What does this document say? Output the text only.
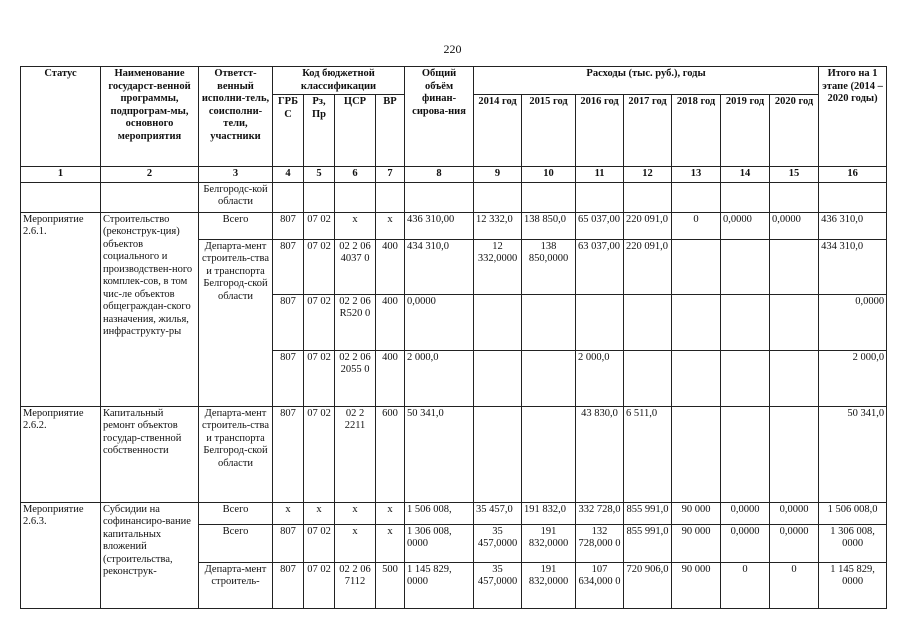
220
Статус	Наименование государст-венной программы, подпрограм-мы, основного мероприятия	Ответст-венный исполни-тель, соисполни-тели, участники	Код бюджетной классификации				Общий объём финан-сирова-ния	Расходы (тыс. руб.), годы							Итого на 1 этапе (2014 – 2020 годы)
			ГРБ С	Рз, Пр	ЦСР	ВР		2014 год	2015 год	2016 год	2017 год	2018 год	2019 год	2020 год	
1	2	3	4	5	6	7	8	9	10	11	12	13	14	15	16
		Белгородс-кой области													
Мероприятие 2.6.1.	Строительство (реконструк-ция) объектов социального и производствен-ного комплек-сов, в том чис-ле объектов общеграждан-ского назначения, жилья, инфраструкту-ры	Всего	807	07 02	х	х	436 310,00	12 332,0	138 850,0	65 037,00	220 091,0	0	0,0000	0,0000	436 310,0
		Департа-мент строитель-ства и транспорта Белгород-ской области	807	07 02	02 2 06 4037 0	400	434 310,0	12 332,0000	138 850,0000	63 037,00	220 091,0				434 310,0
			807	07 02	02 2 06 R520 0	400	0,0000								0,0000
			807	07 02	02 2 06 2055 0	400	2 000,0			2 000,0					2 000,0
Мероприятие 2.6.2.	Капитальный ремонт объектов государ-ственной собственности	Департа-мент строитель-ства и транспорта Белгород-ской области	807	07 02	02 2 2211	600	50 341,0			43 830,0	6 511,0				50 341,0
Мероприятие 2.6.3.	Субсидии на софинансиро-вание капитальных вложений (строительства, реконструк-	Всего	х	х	х	х	1 506 008,	35 457,0	191 832,0	332 728,0	855 991,0	90 000	0,0000	0,0000	1 506 008,0
		Всего	807	07 02	х	х	1 306 008, 0000	35 457,0000	191 832,0000	132 728,000 0	855 991,0	90 000	0,0000	0,0000	1 306 008, 0000
		Департа-мент строитель-	807	07 02	02 2 06 7112	500	1 145 829, 0000	35 457,0000	191 832,0000	107 634,000 0	720 906,0	90 000	0	0	1 145 829, 0000
